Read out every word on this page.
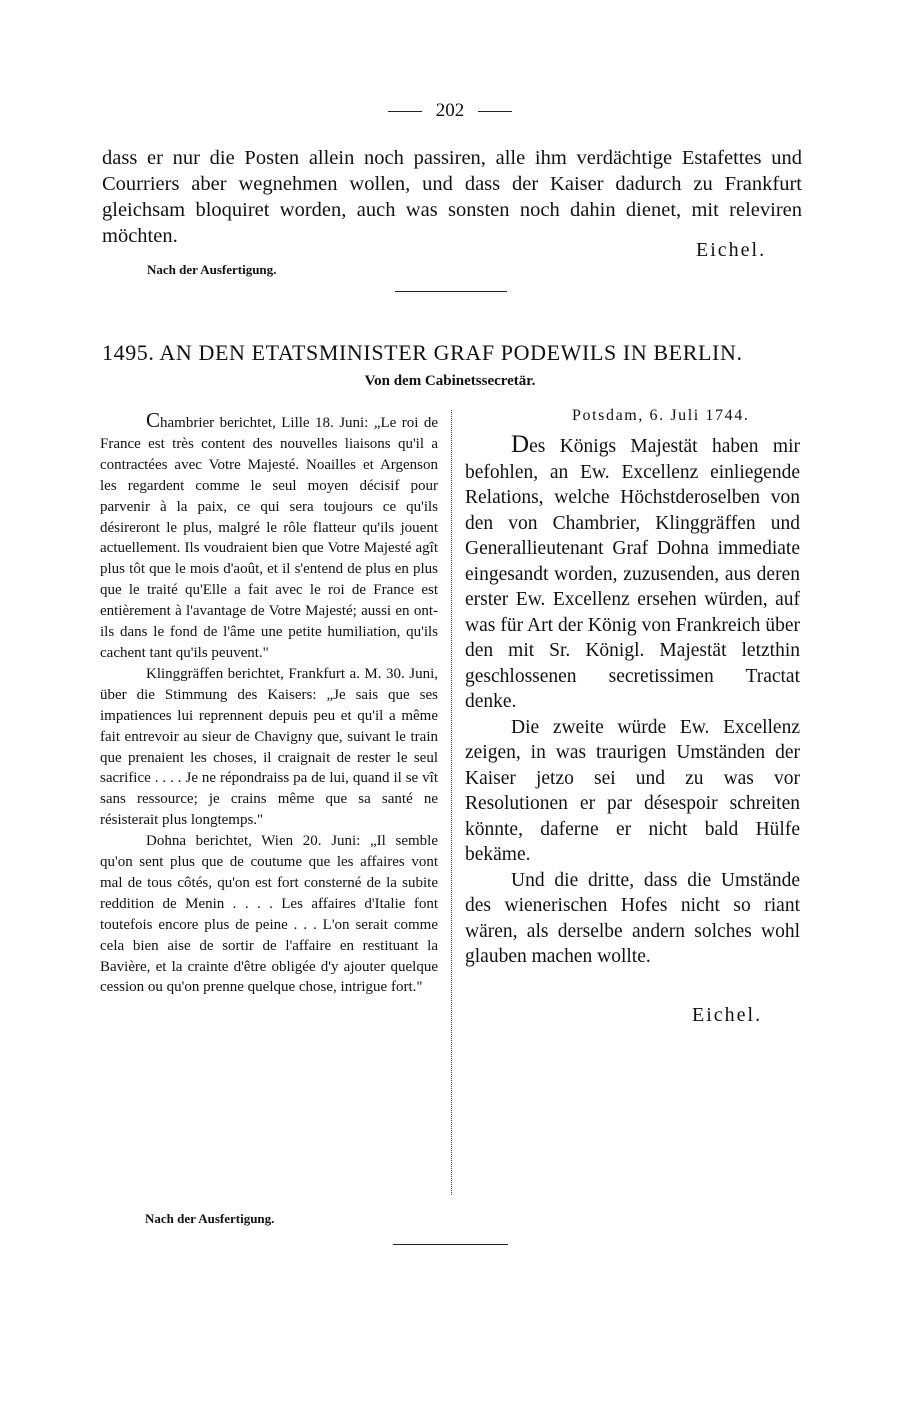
202

dass er nur die Posten allein noch passiren, alle ihm verdächtige Estafettes und Courriers aber wegnehmen wollen, und dass der Kaiser dadurch zu Frankfurt gleichsam bloquiret worden, auch was sonsten noch dahin dienet, mit releviren möchten.

Eichel.
Nach der Ausfertigung.
1495. AN DEN ETATSMINISTER GRAF PODEWILS IN BERLIN.
Von dem Cabinetssecretär.

Chambrier berichtet, Lille 18. Juni: „Le roi de France est très content des nouvelles liaisons qu'il a contractées avec Votre Majesté. Noailles et Argenson les regardent comme le seul moyen décisif pour parvenir à la paix, ce qui sera toujours ce qu'ils désireront le plus, malgré le rôle flatteur qu'ils jouent actuellement. Ils voudraient bien que Votre Majesté agît plus tôt que le mois d'août, et il s'entend de plus en plus que le traité qu'Elle a fait avec le roi de France est entièrement à l'avantage de Votre Majesté; aussi en ont-ils dans le fond de l'âme une petite humiliation, qu'ils cachent tant qu'ils peuvent."

Klinggräffen berichtet, Frankfurt a. M. 30. Juni, über die Stimmung des Kaisers: „Je sais que ses impatiences lui reprennent depuis peu et qu'il a même fait entrevoir au sieur de Chavigny que, suivant le train que prenaient les choses, il craignait de rester le seul sacrifice . . . . Je ne répondraiss pa de lui, quand il se vît sans ressource; je crains même que sa santé ne résisterait plus longtemps."

Dohna berichtet, Wien 20. Juni: „Il semble qu'on sent plus que de coutume que les affaires vont mal de tous côtés, qu'on est fort consterné de la subite reddition de Menin . . . . Les affaires d'Italie font toutefois encore plus de peine . . . L'on serait comme cela bien aise de sortir de l'affaire en restituant la Bavière, et la crainte d'être obligée d'y ajouter quelque cession ou qu'on prenne quelque chose, intrigue fort."

Potsdam, 6. Juli 1744.

Des Königs Majestät haben mir befohlen, an Ew. Excellenz einliegende Relations, welche Höchstderoselben von den von Chambrier, Klinggräffen und Generallieutenant Graf Dohna immediate eingesandt worden, zuzusenden, aus deren erster Ew. Excellenz ersehen würden, auf was für Art der König von Frankreich über den mit Sr. Königl. Majestät letzthin geschlossenen secretissimen Tractat denke.

Die zweite würde Ew. Excellenz zeigen, in was traurigen Umständen der Kaiser jetzo sei und zu was vor Resolutionen er par désespoir schreiten könnte, daferne er nicht bald Hülfe bekäme.

Und die dritte, dass die Umstände des wienerischen Hofes nicht so riant wären, als derselbe andern solches wohl glauben machen wollte.

Eichel.
Nach der Ausfertigung.
